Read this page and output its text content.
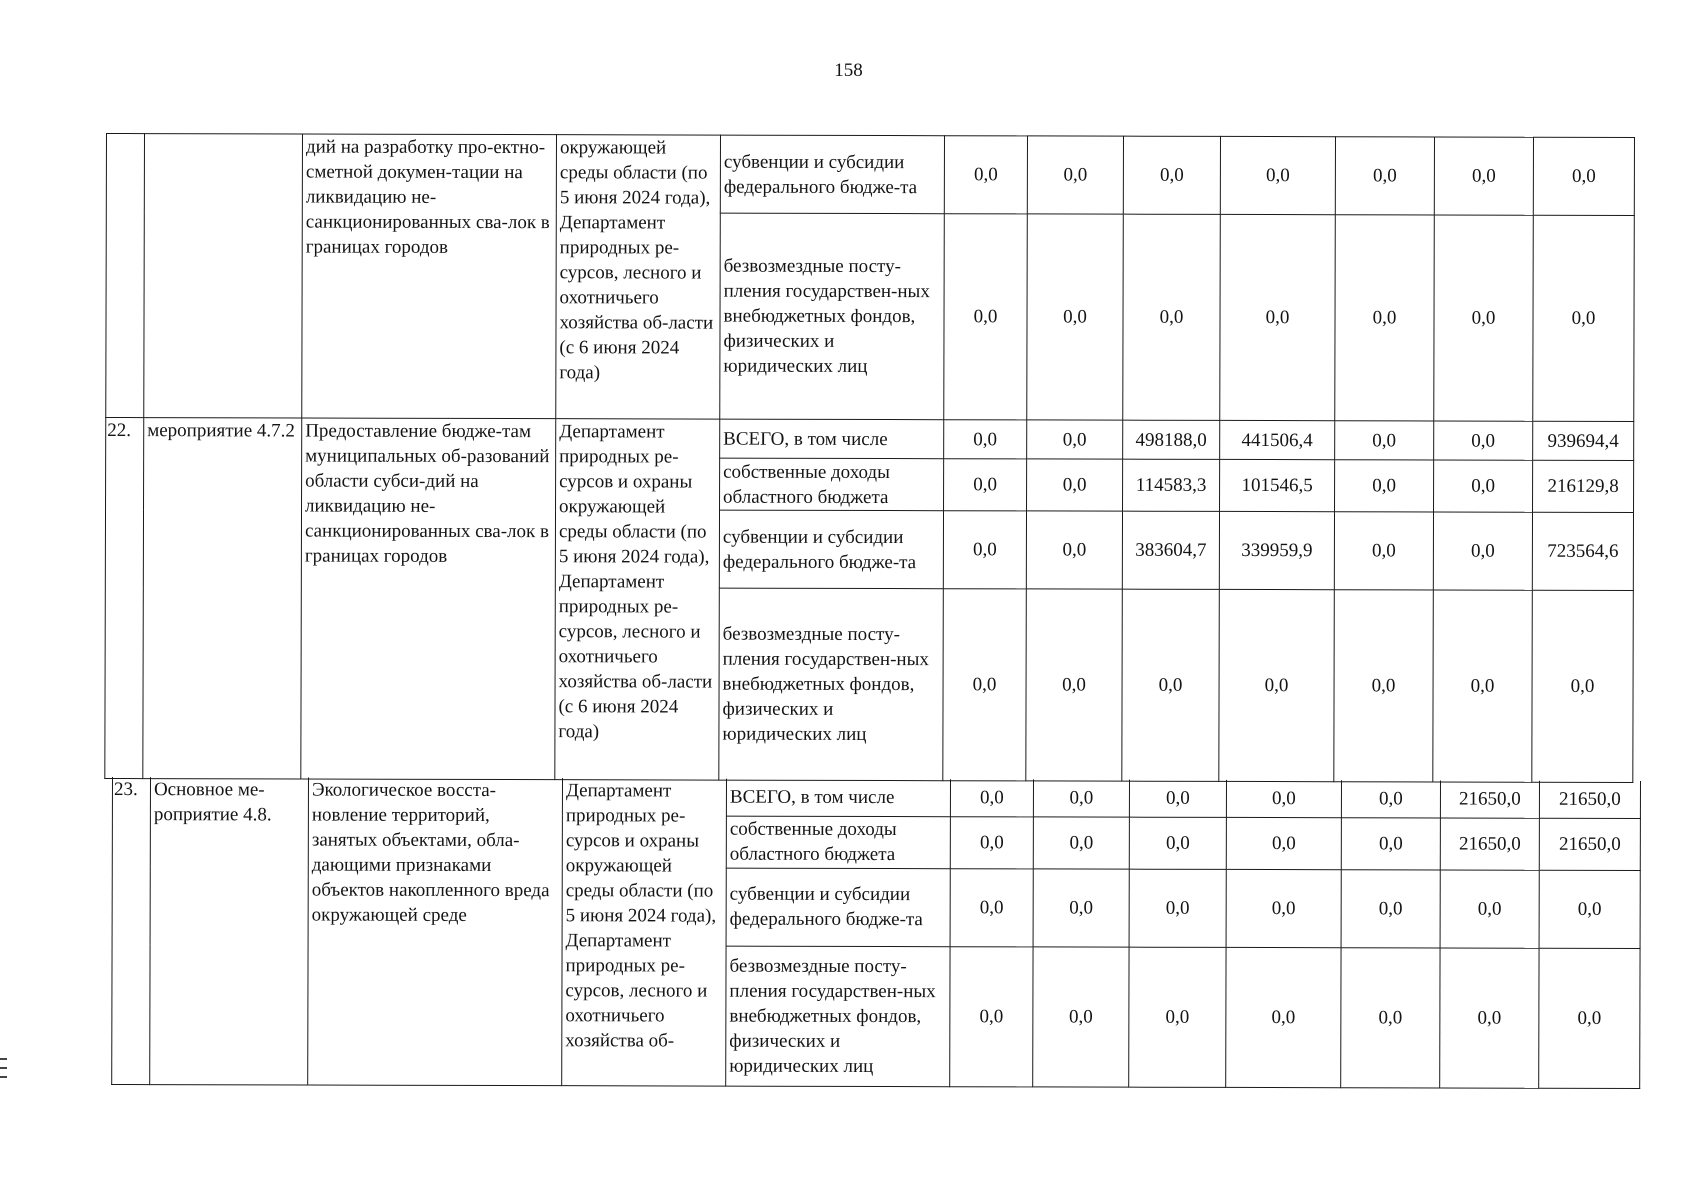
158
		дий на разработку про-ектно-сметной докумен-тации на ликвидацию не-санкционированных сва-лок в границах городов	окружающей среды области (по 5 июня 2024 года), Департамент природных ре-сурсов, лесного и охотничьего хозяйства об-ласти (с 6 июня 2024 года)	субвенции и субсидии федерального бюдже-та	0,0	0,0	0,0	0,0	0,0	0,0	0,0
				безвозмездные посту-пления государствен-ных внебюджетных фондов, физических и юридических лиц	0,0	0,0	0,0	0,0	0,0	0,0	0,0
22.	мероприятие 4.7.2	Предоставление бюдже-там муниципальных об-разований области субси-дий на ликвидацию не-санкционированных сва-лок в границах городов	Департамент природных ре-сурсов и охраны окружающей среды области (по 5 июня 2024 года), Департамент природных ре-сурсов, лесного и охотничьего хозяйства об-ласти (с 6 июня 2024 года)	ВСЕГО, в том числе	0,0	0,0	498188,0	441506,4	0,0	0,0	939694,4
				собственные доходы областного бюджета	0,0	0,0	114583,3	101546,5	0,0	0,0	216129,8
				субвенции и субсидии федерального бюдже-та	0,0	0,0	383604,7	339959,9	0,0	0,0	723564,6
				безвозмездные посту-пления государствен-ных внебюджетных фондов, физических и юридических лиц	0,0	0,0	0,0	0,0	0,0	0,0	0,0
23.	Основное ме-роприятие 4.8.	Экологическое восста-новление территорий, занятых объектами, обла-дающими признаками объектов накопленного вреда окружающей среде	Департамент природных ре-сурсов и охраны окружающей среды области (по 5 июня 2024 года), Департамент природных ре-сурсов, лесного и охотничьего хозяйства об-	ВСЕГО, в том числе	0,0	0,0	0,0	0,0	0,0	21650,0	21650,0
				собственные доходы областного бюджета	0,0	0,0	0,0	0,0	0,0	21650,0	21650,0
				субвенции и субсидии федерального бюдже-та	0,0	0,0	0,0	0,0	0,0	0,0	0,0
				безвозмездные посту-пления государствен-ных внебюджетных фондов, физических и юридических лиц	0,0	0,0	0,0	0,0	0,0	0,0	0,0
